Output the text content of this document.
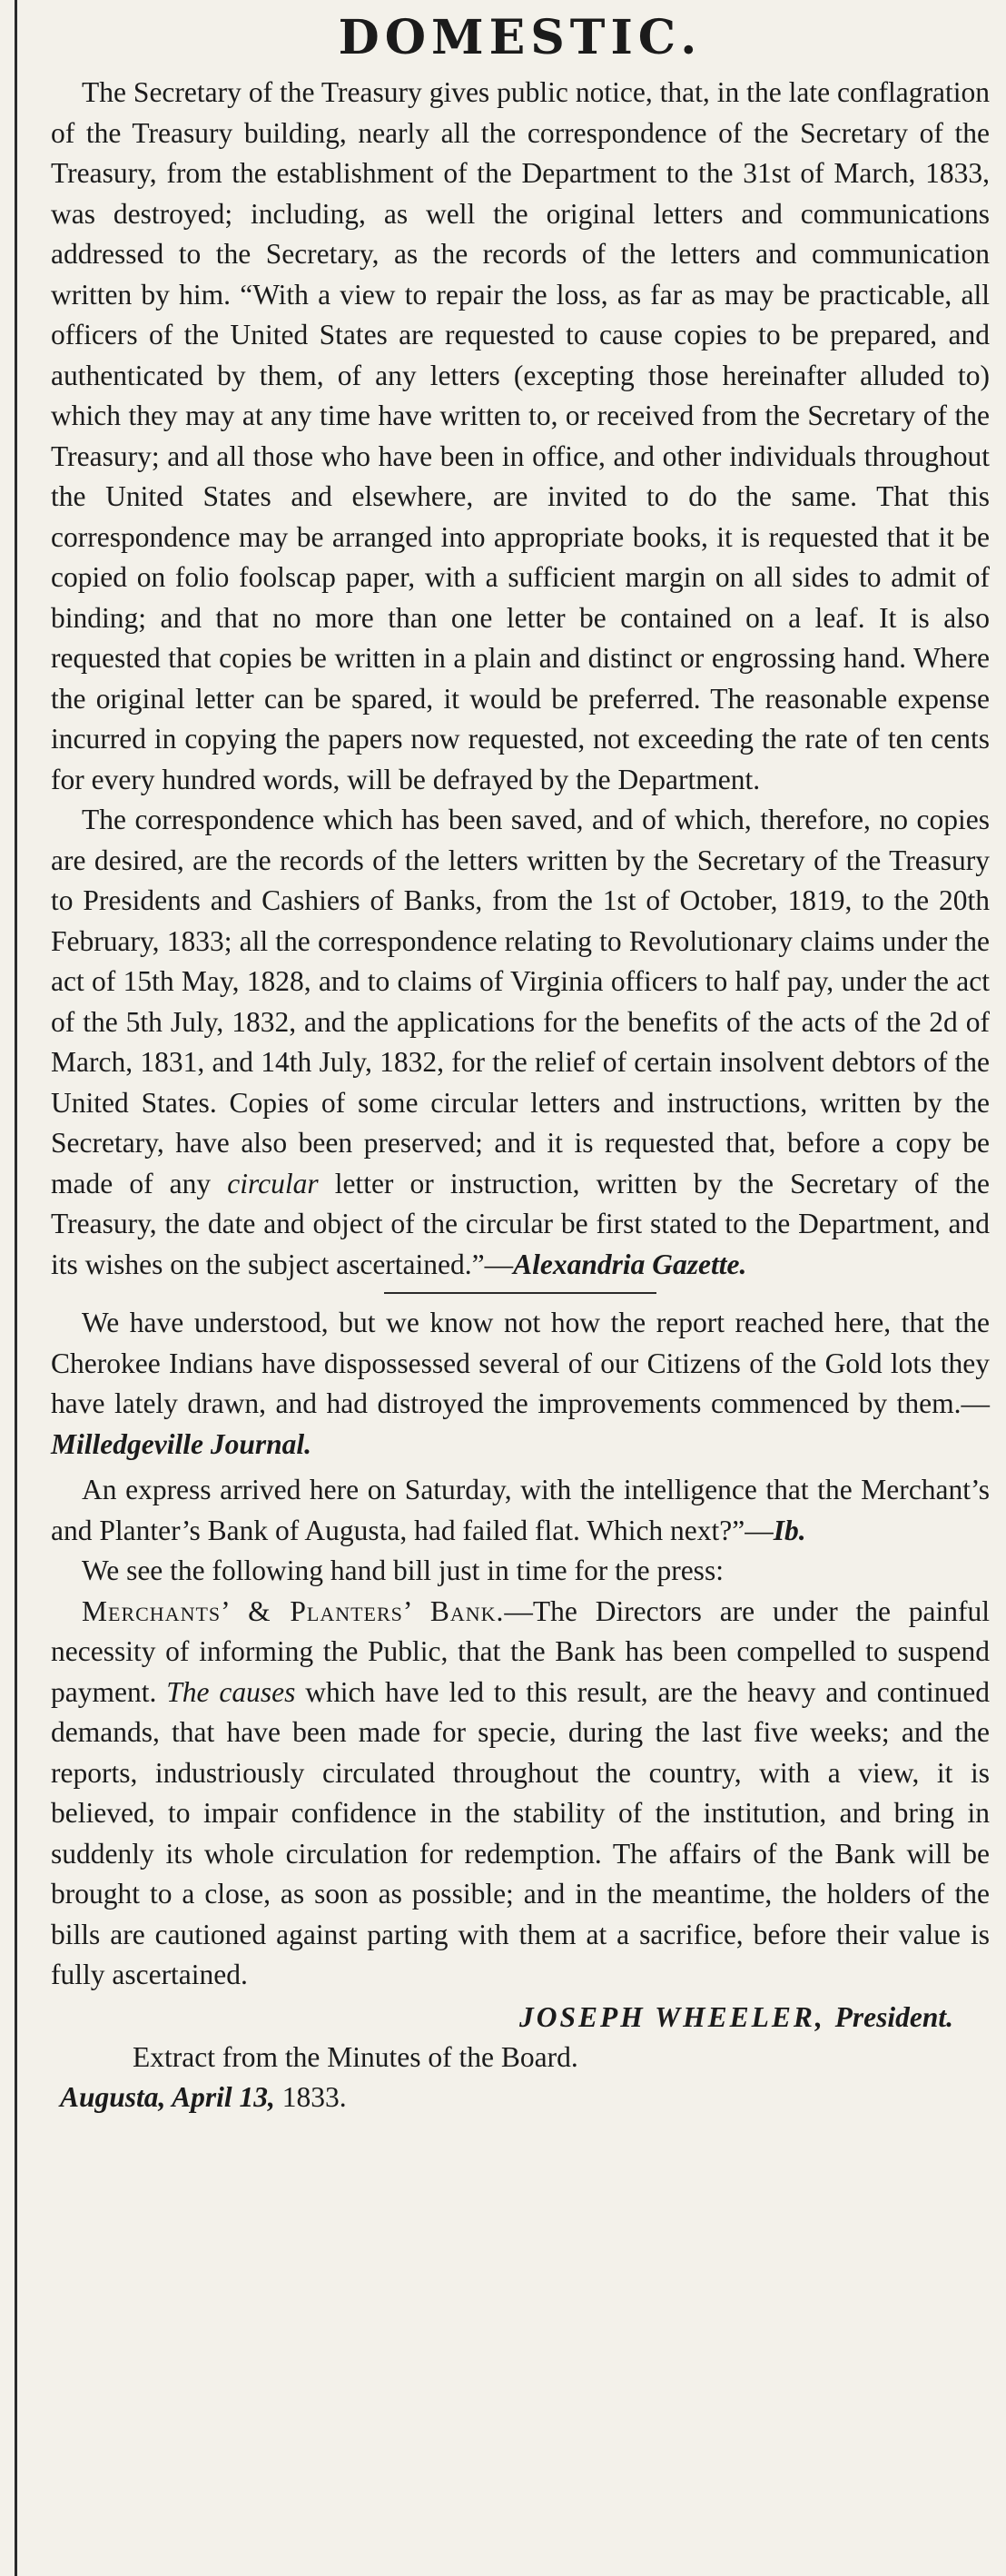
DOMESTIC.

The Secretary of the Treasury gives public notice, that, in the late conflagration of the Treasury building, nearly all the correspondence of the Secretary of the Treasury, from the establishment of the Department to the 31st of March, 1833, was destroyed; including, as well the original letters and communications addressed to the Secretary, as the records of the letters and communication written by him. “With a view to repair the loss, as far as may be practicable, all officers of the United States are requested to cause copies to be prepared, and authenticated by them, of any letters (excepting those hereinafter alluded to) which they may at any time have written to, or received from the Secretary of the Treasury; and all those who have been in office, and other individuals throughout the United States and elsewhere, are invited to do the same. That this correspondence may be arranged into appropriate books, it is requested that it be copied on folio foolscap paper, with a sufficient margin on all sides to admit of binding; and that no more than one letter be contained on a leaf. It is also requested that copies be written in a plain and distinct or engrossing hand. Where the original letter can be spared, it would be preferred. The reasonable expense incurred in copying the papers now requested, not exceeding the rate of ten cents for every hundred words, will be defrayed by the Department.

The correspondence which has been saved, and of which, therefore, no copies are desired, are the records of the letters written by the Secretary of the Treasury to Presidents and Cashiers of Banks, from the 1st of October, 1819, to the 20th February, 1833; all the correspondence relating to Revolutionary claims under the act of 15th May, 1828, and to claims of Virginia officers to half pay, under the act of the 5th July, 1832, and the applications for the benefits of the acts of the 2d of March, 1831, and 14th July, 1832, for the relief of certain insolvent debtors of the United States. Copies of some circular letters and instructions, written by the Secretary, have also been preserved; and it is requested that, before a copy be made of any circular letter or instruction, written by the Secretary of the Treasury, the date and object of the circular be first stated to the Department, and its wishes on the subject ascertained.”—Alexandria Gazette.

We have understood, but we know not how the report reached here, that the Cherokee Indians have dispossessed several of our Citizens of the Gold lots they have lately drawn, and had distroyed the improvements commenced by them.—Milledgeville Journal.

An express arrived here on Saturday, with the intelligence that the Merchant’s and Planter’s Bank of Augusta, had failed flat. Which next?”—Ib.

We see the following hand bill just in time for the press:

Merchants’ & Planters’ Bank.—The Directors are under the painful necessity of informing the Public, that the Bank has been compelled to suspend payment. The causes which have led to this result, are the heavy and continued demands, that have been made for specie, during the last five weeks; and the reports, industriously circulated throughout the country, with a view, it is believed, to impair confidence in the stability of the institution, and bring in suddenly its whole circulation for redemption. The affairs of the Bank will be brought to a close, as soon as possible; and in the meantime, the holders of the bills are cautioned against parting with them at a sacrifice, before their value is fully ascertained.

JOSEPH WHEELER, President.
Extract from the Minutes of the Board.
Augusta, April 13, 1833.
